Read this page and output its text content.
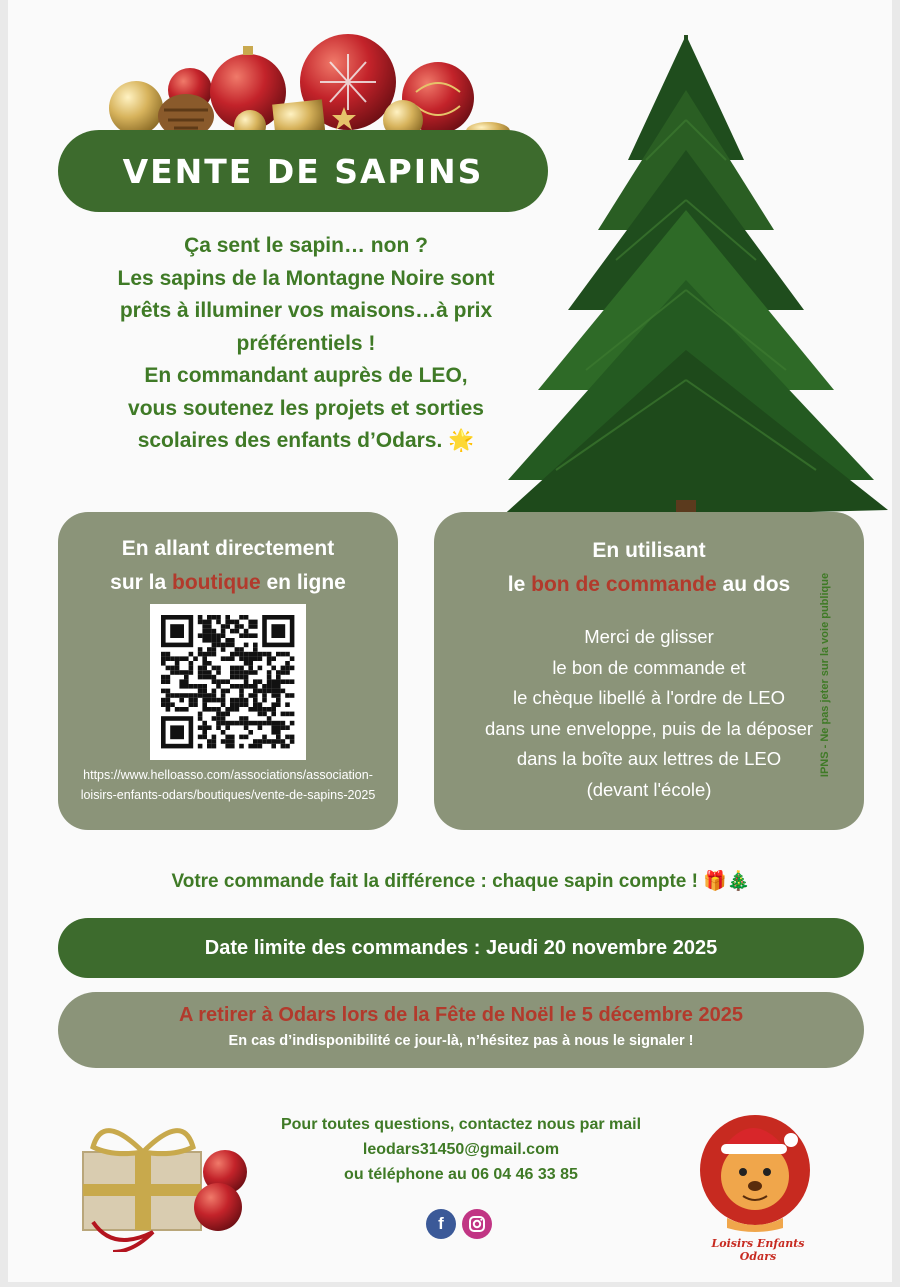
VENTE DE SAPINS
Ça sent le sapin… non ?
Les sapins de la Montagne Noire sont
prêts à illuminer vos maisons…à prix
préférentiels !
En commandant auprès de LEO,
vous soutenez les projets et sorties
scolaires des enfants d’Odars. 🌟
En allant directement
sur la boutique en ligne
https://www.helloasso.com/associations/association-loisirs-enfants-odars/boutiques/vente-de-sapins-2025
En utilisant
le bon de commande au dos
Merci de glisser
le bon de commande et
le chèque libellé à l'ordre de LEO
dans une enveloppe, puis de la déposer
dans la boîte aux lettres de LEO
(devant l'école)
IPNS - Ne pas jeter sur la voie publique
Votre commande fait la différence : chaque sapin compte ! 🎁🎄
Date limite des commandes : Jeudi 20 novembre 2025
A retirer à Odars lors de la Fête de Noël le 5 décembre 2025
En cas d’indisponibilité ce jour-là, n’hésitez pas à nous le signaler !
Pour toutes questions, contactez nous par mail
leodars31450@gmail.com
ou téléphone au 06 04 46 33 85
f
Loisirs Enfants Odars
